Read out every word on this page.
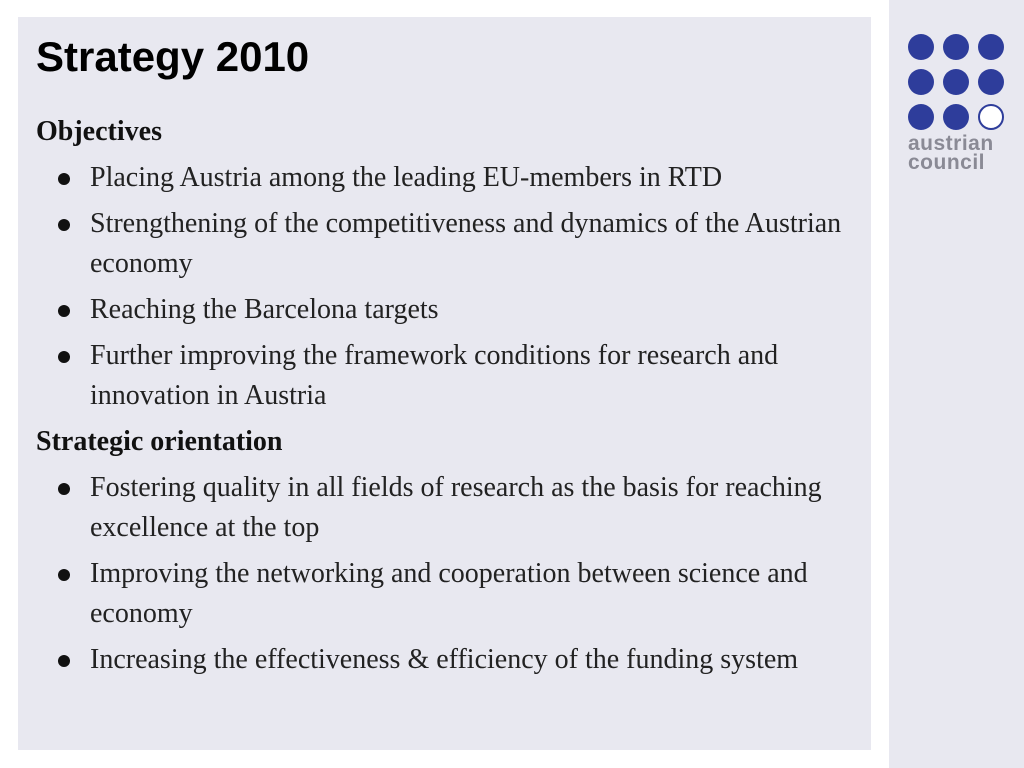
Strategy 2010
Objectives
Placing Austria among the leading EU-members in RTD
Strengthening of the competitiveness and dynamics of the Austrian economy
Reaching the Barcelona targets
Further improving the framework conditions for research and innovation in Austria
Strategic orientation
Fostering quality in all fields of research as the basis for reaching excellence at the top
Improving the networking and cooperation between science and economy
Increasing the effectiveness & efficiency of the funding system
austrian
council
